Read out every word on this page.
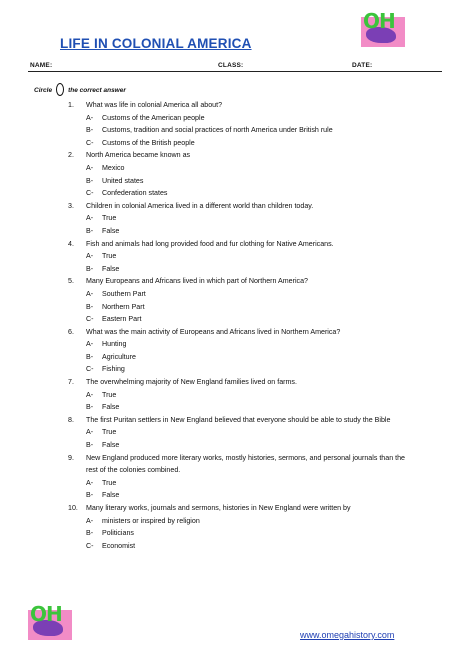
LIFE IN COLONIAL AMERICA
OH
NAME:	CLASS:	DATE:
Circle the correct answer
1.	What was life in colonial America all about?
A- Customs of the American people
B- Customs, tradition and social practices of north America under British rule
C- Customs of the British people
2.	North America became known as
A- Mexico
B- United states
C- Confederation states
3.	Children in colonial America lived in a different world than children today.
A- True
B- False
4.	Fish and animals had long provided food and fur clothing for Native Americans.
A- True
B- False
5.	Many Europeans and Africans lived in which part of Northern America?
A- Southern Part
B- Northern Part
C- Eastern Part
6.	What was the main activity of Europeans and Africans lived in Northern America?
A- Hunting
B- Agriculture
C- Fishing
7.	The overwhelming majority of New England families lived on farms.
A- True
B- False
8.	The first Puritan settlers in New England believed that everyone should be able to study the Bible
A- True
B- False
9.	New England produced more literary works, mostly histories, sermons, and personal journals than the rest of the colonies combined.
A- True
B- False
10.	Many literary works, journals and sermons, histories in New England were written by
A- ministers or inspired by religion
B- Politicians
C- Economist
OH
www.omegahistory.com
